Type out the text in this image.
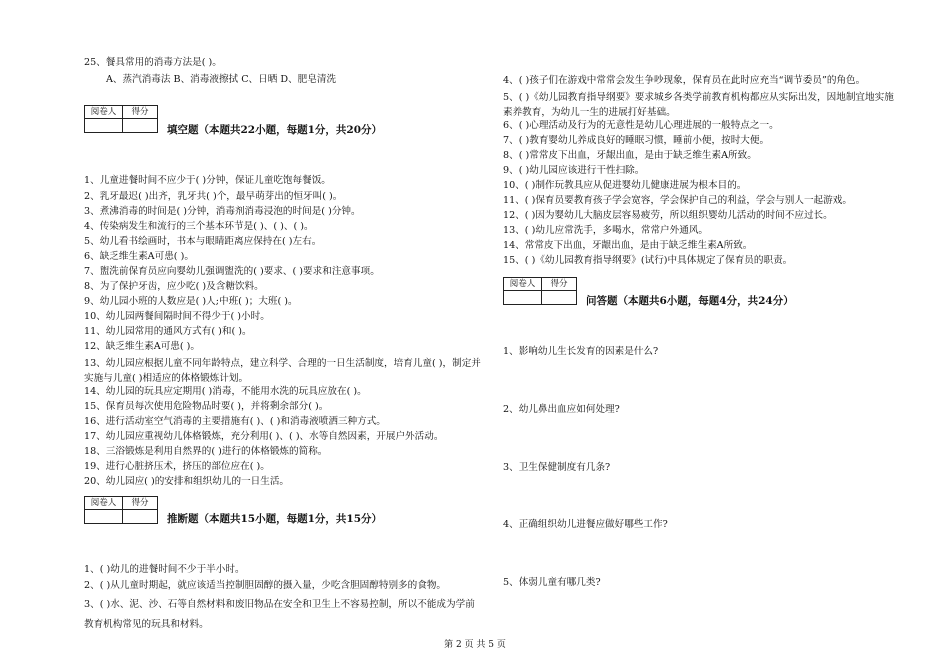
25、餐具常用的消毒方法是( )。
A、蒸汽消毒法 B、消毒液擦拭 C、日晒 D、肥皂清洗
阅卷人	得分
填空题（本题共22小题，每题1分，共20分）
1、儿童进餐时间不应少于( )分钟，保证儿童吃饱每餐饭。
2、乳牙最迟( )出齐，乳牙共( )个，最早萌芽出的恒牙叫( )。
3、煮沸消毒的时间是( )分钟，消毒剂消毒浸泡的时间是( )分钟。
4、传染病发生和流行的三个基本环节是( )、( )、( )。
5、幼儿看书绘画时，书本与眼睛距离应保持在( )左右。
6、缺乏维生素A可患( )。
7、盥洗前保育员应向婴幼儿强调盥洗的( )要求、( )要求和注意事项。
8、为了保护牙齿，应少吃( )及含糖饮料。
9、幼儿园小班的人数应是( )人;中班( )；大班( )。
10、幼儿园两餐间隔时间不得少于( )小时。
11、幼儿园常用的通风方式有( )和( )。
12、缺乏维生素A可患( )。
13、幼儿园应根据儿童不同年龄特点，建立科学、合理的一日生活制度，培育儿童( )，制定并实施与儿童( )相适应的体格锻炼计划。
14、幼儿园的玩具应定期用( )消毒，不能用水洗的玩具应放在( )。
15、保育员每次使用危险物品时要( )，并将剩余部分( )。
16、进行活动室空气消毒的主要措施有( )、( )和消毒液喷洒三种方式。
17、幼儿园应重视幼儿体格锻炼，充分利用( )、( )、水等自然因素，开展户外活动。
18、三浴锻炼是利用自然界的( )进行的体格锻炼的简称。
19、进行心脏挤压术，挤压的部位应在( )。
20、幼儿园应( )的安排和组织幼儿的一日生活。
阅卷人	得分
推断题（本题共15小题，每题1分，共15分）
1、( )幼儿的进餐时间不少于半小时。
2、( )从儿童时期起，就应该适当控制胆固醇的摄入量，少吃含胆固醇特别多的食物。
3、( )水、泥、沙、石等自然材料和废旧物品在安全和卫生上不容易控制，所以不能成为学前教育机构常见的玩具和材料。
4、( )孩子们在游戏中常常会发生争吵现象，保育员在此时应充当“调节委员”的角色。
5、( )《幼儿园教育指导纲要》要求城乡各类学前教育机构都应从实际出发，因地制宜地实施素养教育，为幼儿一生的进展打好基础。
6、( )心理活动及行为的无意性是幼儿心理进展的一般特点之一。
7、( )教育婴幼儿养成良好的睡眠习惯，睡前小便，按时大便。
8、( )常常皮下出血，牙龈出血，是由于缺乏维生素A所致。
9、( )幼儿园应该进行干性扫除。
10、( )制作玩教具应从促进婴幼儿健康进展为根本目的。
11、( )保育员要教育孩子学会宽容，学会保护自己的利益，学会与别人一起游戏。
12、( )因为婴幼儿大脑皮层容易疲劳，所以组织婴幼儿活动的时间不应过长。
13、( )幼儿应常洗手，多喝水，常常户外通风。
14、常常皮下出血，牙龈出血，是由于缺乏维生素A所致。
15、( )《幼儿园教育指导纲要》(试行)中具体规定了保育员的职责。
阅卷人	得分
问答题（本题共6小题，每题4分，共24分）
1、影响幼儿生长发育的因素是什么?
2、幼儿鼻出血应如何处理?
3、卫生保健制度有几条?
4、正确组织幼儿进餐应做好哪些工作?
5、体弱儿童有哪几类?
第 2 页 共 5 页
